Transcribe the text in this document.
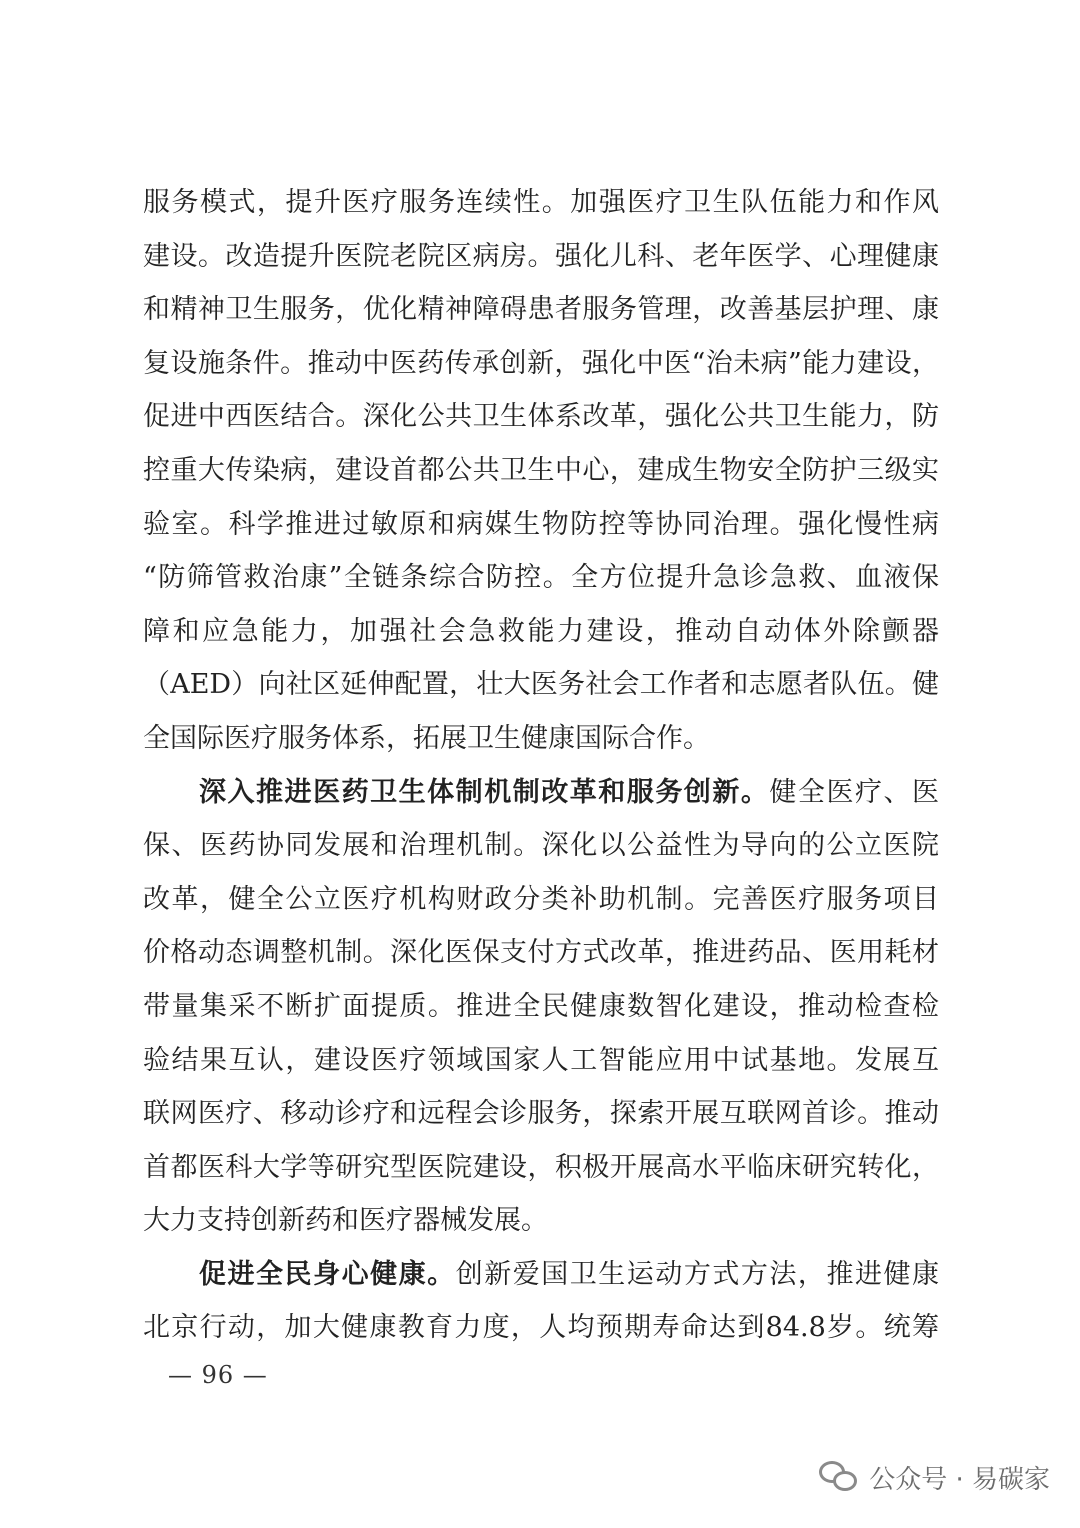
服务模式，提升医疗服务连续性。加强医疗卫生队伍能力和作风
建设。改造提升医院老院区病房。强化儿科、老年医学、心理健康
和精神卫生服务，优化精神障碍患者服务管理，改善基层护理、康
复设施条件。推动中医药传承创新，强化中医“治未病”能力建设，
促进中西医结合。深化公共卫生体系改革，强化公共卫生能力，防
控重大传染病，建设首都公共卫生中心，建成生物安全防护三级实
验室。科学推进过敏原和病媒生物防控等协同治理。强化慢性病
“防筛管救治康”全链条综合防控。全方位提升急诊急救、血液保
障和应急能力，加强社会急救能力建设，推动自动体外除颤器
（AED）向社区延伸配置，壮大医务社会工作者和志愿者队伍。健
全国际医疗服务体系，拓展卫生健康国际合作。
深入推进医药卫生体制机制改革和服务创新。健全医疗、医
保、医药协同发展和治理机制。深化以公益性为导向的公立医院
改革，健全公立医疗机构财政分类补助机制。完善医疗服务项目
价格动态调整机制。深化医保支付方式改革，推进药品、医用耗材
带量集采不断扩面提质。推进全民健康数智化建设，推动检查检
验结果互认，建设医疗领域国家人工智能应用中试基地。发展互
联网医疗、移动诊疗和远程会诊服务，探索开展互联网首诊。推动
首都医科大学等研究型医院建设，积极开展高水平临床研究转化，
大力支持创新药和医疗器械发展。
促进全民身心健康。创新爱国卫生运动方式方法，推进健康
北京行动，加大健康教育力度，人均预期寿命达到84.8岁。统筹
— 96 —
公众号 · 易碳家
